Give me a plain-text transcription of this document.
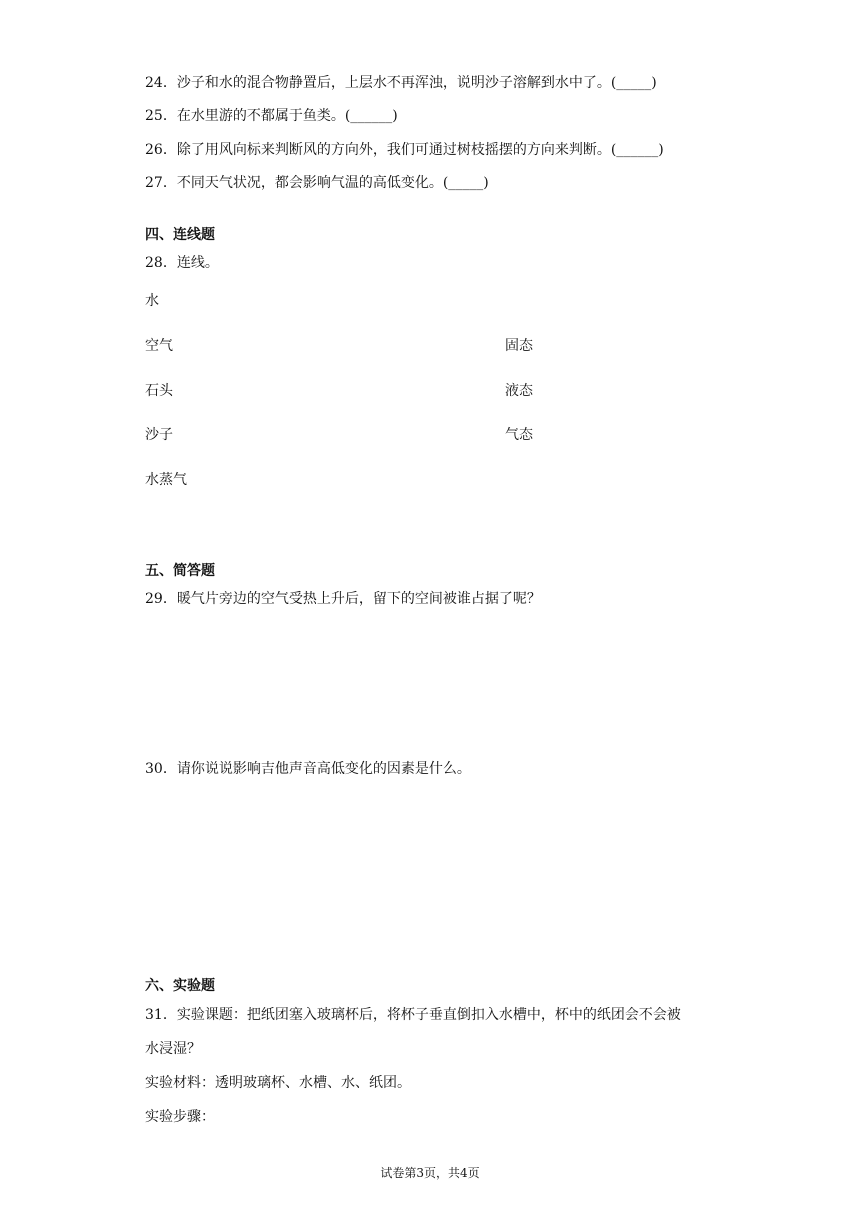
24．沙子和水的混合物静置后，上层水不再浑浊，说明沙子溶解到水中了。(_____)
25．在水里游的不都属于鱼类。(______)
26．除了用风向标来判断风的方向外，我们可通过树枝摇摆的方向来判断。(______)
27．不同天气状况，都会影响气温的高低变化。(_____)
四、连线题
28．连线。
水
空气
石头
沙子
水蒸气
固态
液态
气态
五、简答题
29．暖气片旁边的空气受热上升后，留下的空间被谁占据了呢？
30．请你说说影响吉他声音高低变化的因素是什么。
六、实验题
31．实验课题：把纸团塞入玻璃杯后，将杯子垂直倒扣入水槽中，杯中的纸团会不会被
水浸湿？
实验材料：透明玻璃杯、水槽、水、纸团。
实验步骤：
试卷第3页，共4页
